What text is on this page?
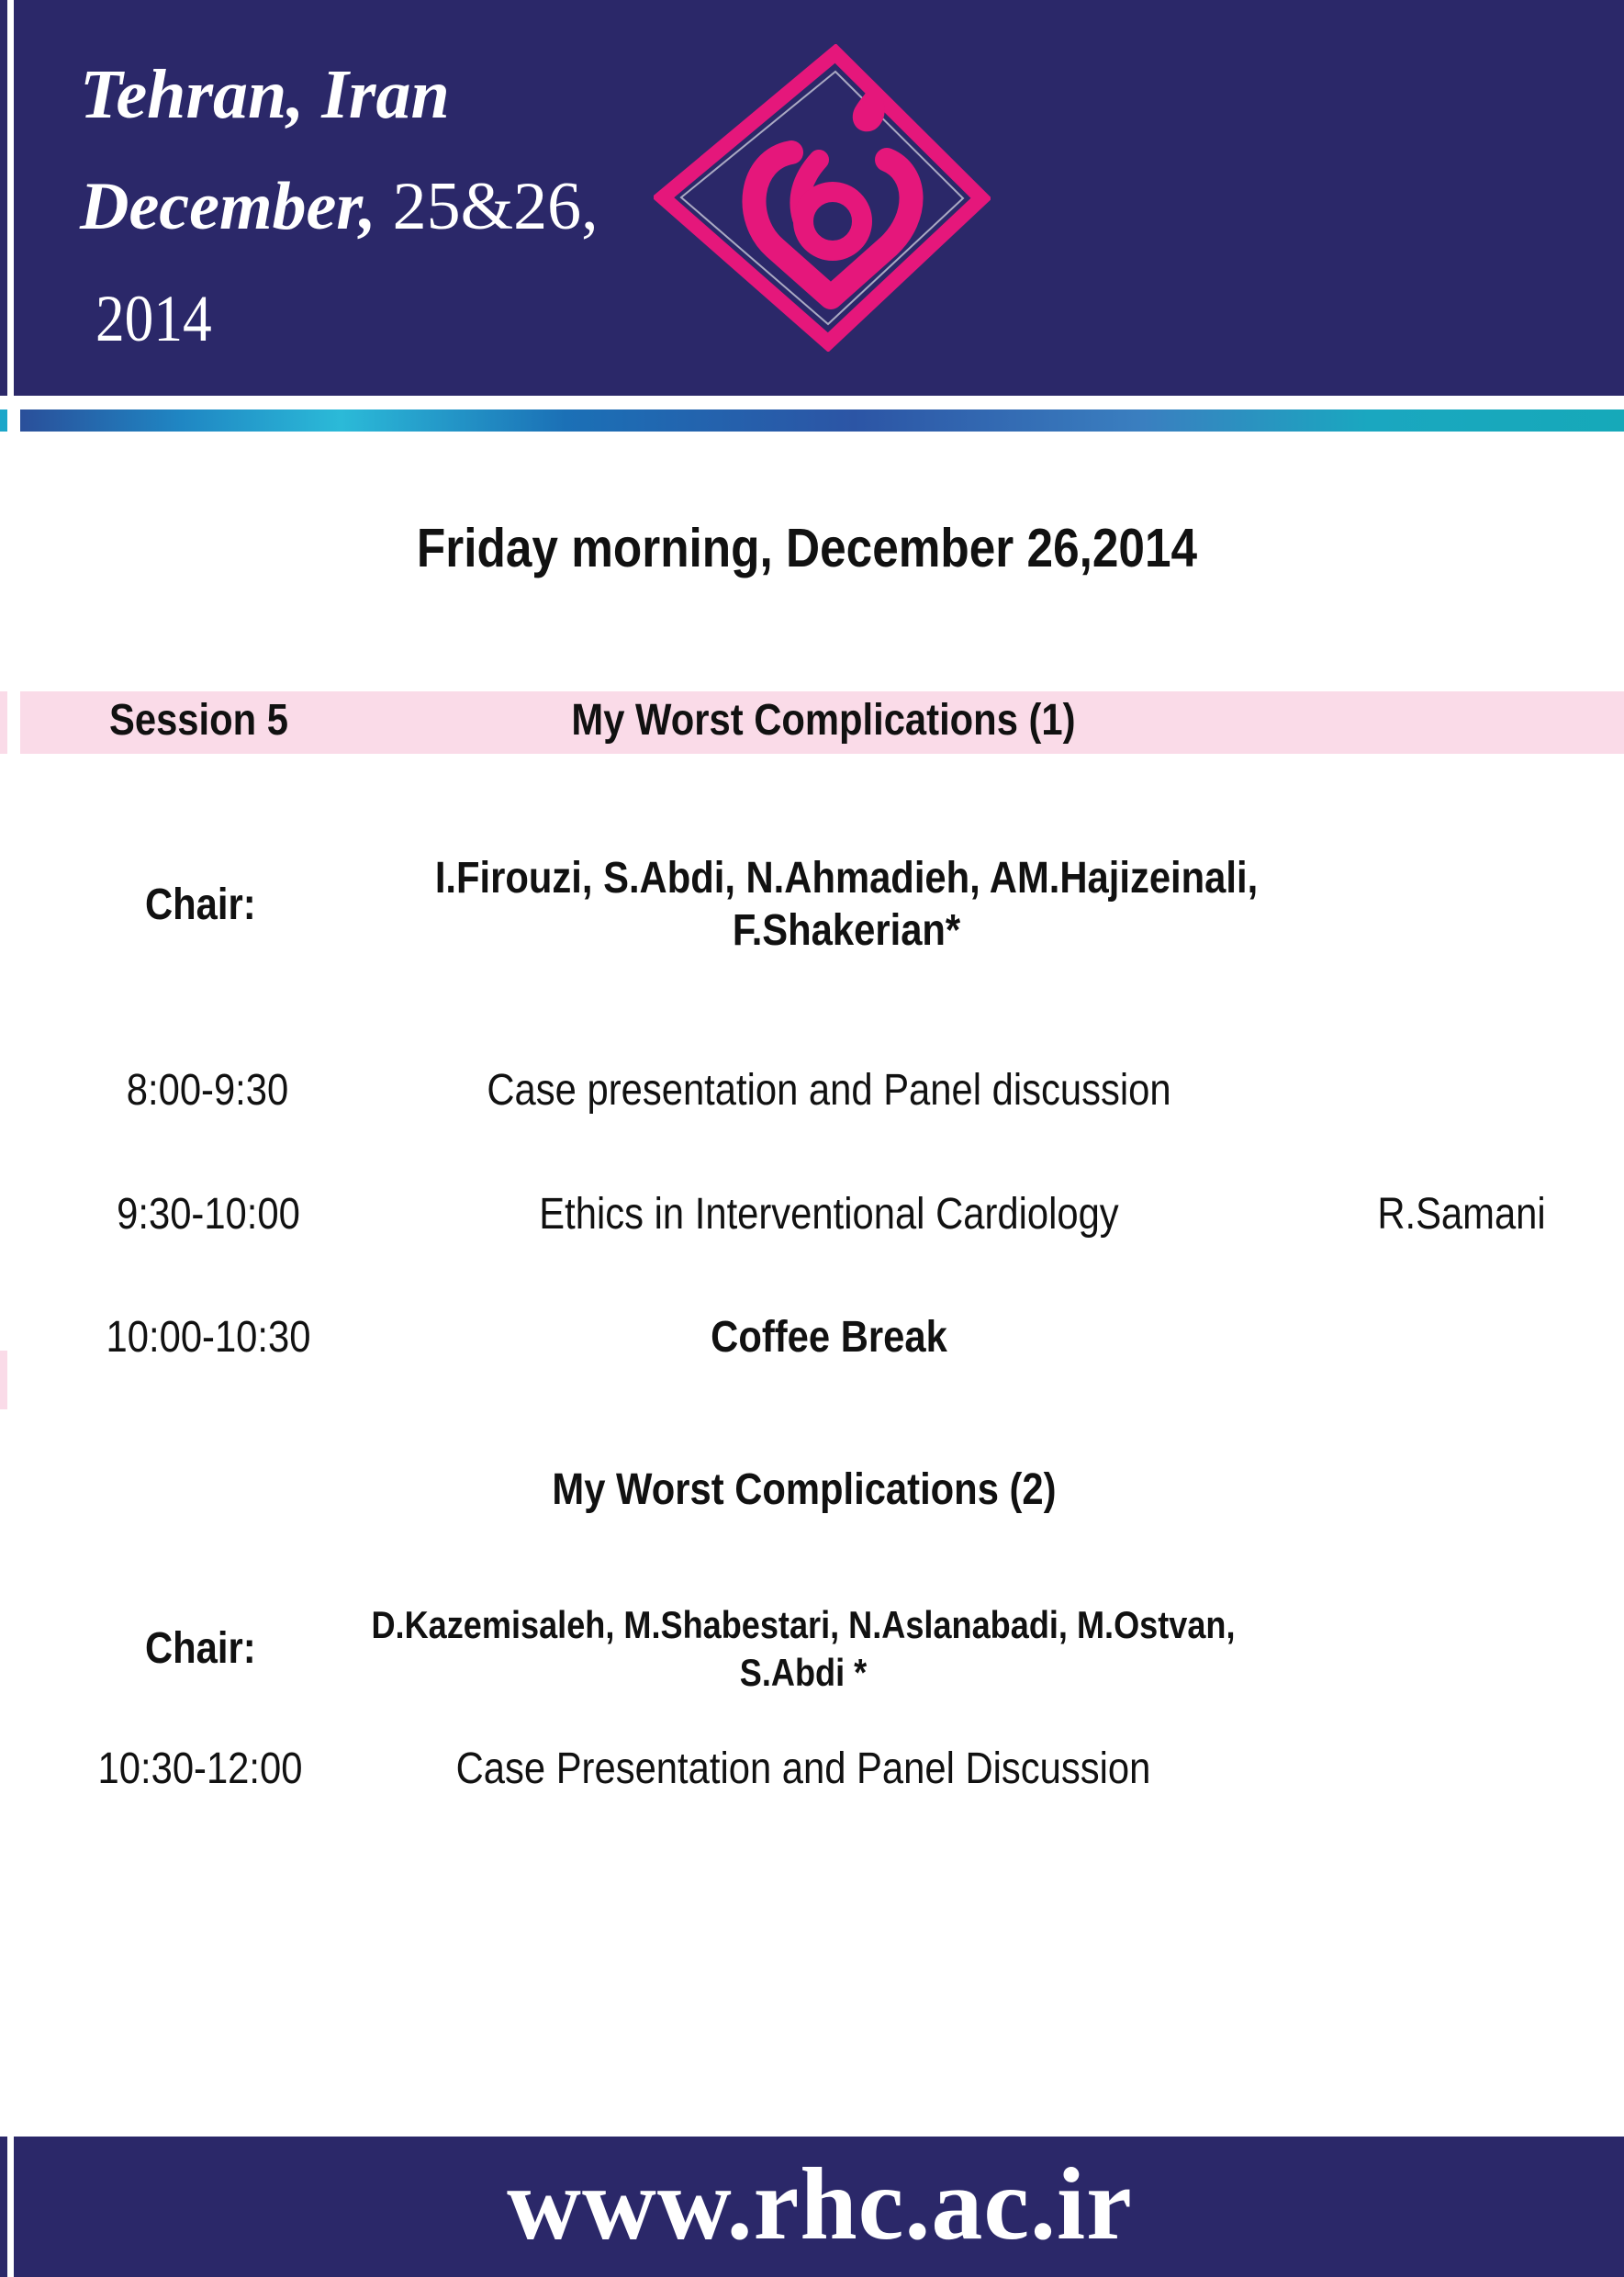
Tehran, Iran
December, 25&26,
2014
Friday morning, December 26,2014
Session 5	My Worst Complications (1)
Chair:
I.Firouzi, S.Abdi, N.Ahmadieh, AM.Hajizeinali,
F.Shakerian*
8:00-9:30	Case presentation and Panel discussion
9:30-10:00	Ethics in Interventional Cardiology	R.Samani
10:00-10:30	Coffee Break
My Worst Complications (2)
Chair:	D.Kazemisaleh, M.Shabestari, N.Aslanabadi, M.Ostvan,
S.Abdi *
10:30-12:00	Case Presentation and Panel Discussion
www.rhc.ac.ir
